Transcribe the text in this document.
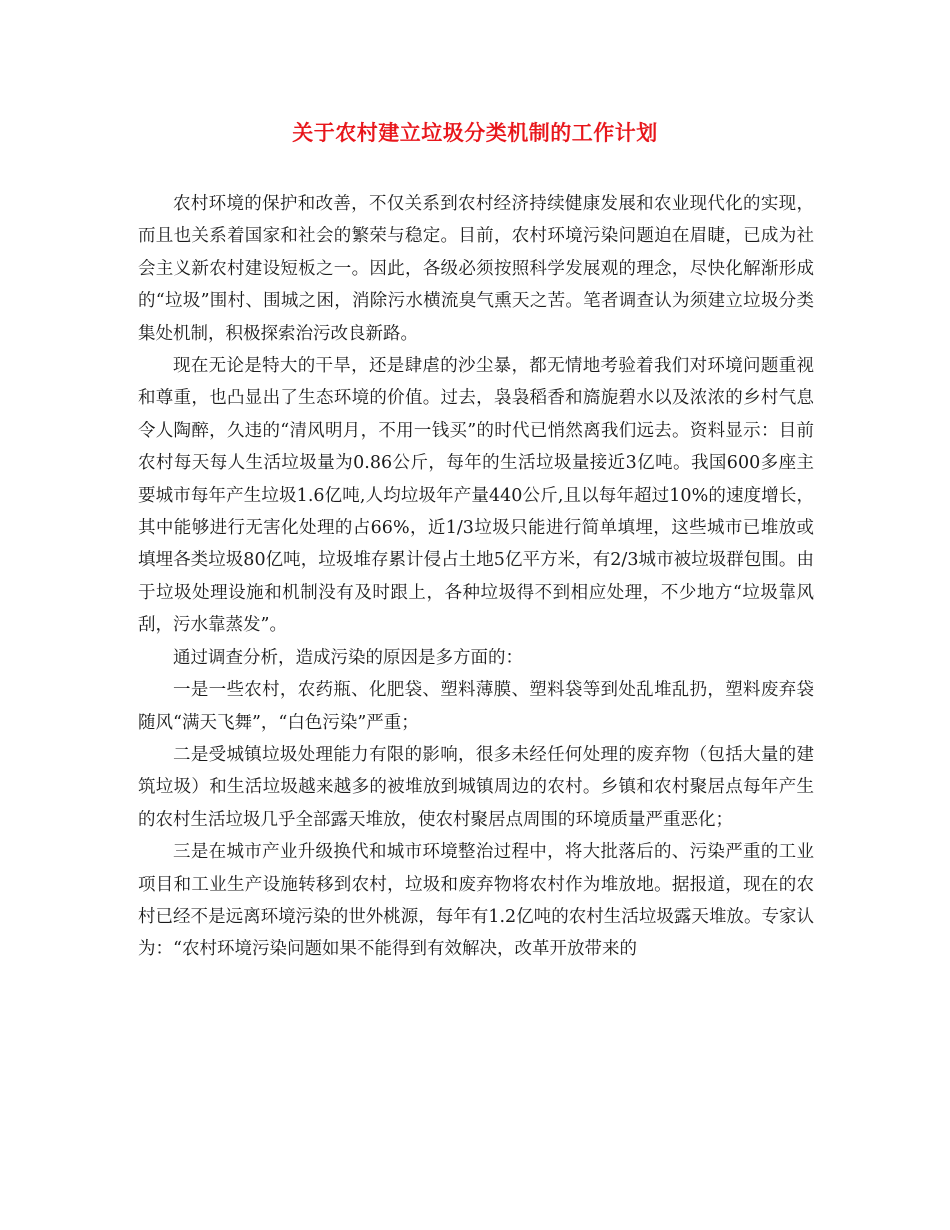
关于农村建立垃圾分类机制的工作计划

农村环境的保护和改善，不仅关系到农村经济持续健康发展和农业现代化的实现，而且也关系着国家和社会的繁荣与稳定。目前，农村环境污染问题迫在眉睫，已成为社会主义新农村建设短板之一。因此，各级必须按照科学发展观的理念，尽快化解渐形成的“垃圾”围村、围城之困，消除污水横流臭气熏天之苦。笔者调查认为须建立垃圾分类集处机制，积极探索治污改良新路。

现在无论是特大的干旱，还是肆虐的沙尘暴，都无情地考验着我们对环境问题重视和尊重，也凸显出了生态环境的价值。过去，袅袅稻香和旖旎碧水以及浓浓的乡村气息令人陶醉，久违的“清风明月，不用一钱买”的时代已悄然离我们远去。资料显示：目前农村每天每人生活垃圾量为0.86公斤，每年的生活垃圾量接近3亿吨。我国600多座主要城市每年产生垃圾1.6亿吨,人均垃圾年产量440公斤,且以每年超过10%的速度增长，其中能够进行无害化处理的占66%，近1/3垃圾只能进行简单填埋，这些城市已堆放或填埋各类垃圾80亿吨，垃圾堆存累计侵占土地5亿平方米，有2/3城市被垃圾群包围。由于垃圾处理设施和机制没有及时跟上，各种垃圾得不到相应处理，不少地方“垃圾靠风刮，污水靠蒸发”。

通过调查分析，造成污染的原因是多方面的：

一是一些农村，农药瓶、化肥袋、塑料薄膜、塑料袋等到处乱堆乱扔，塑料废弃袋随风“满天飞舞”，“白色污染”严重；

二是受城镇垃圾处理能力有限的影响，很多未经任何处理的废弃物（包括大量的建筑垃圾）和生活垃圾越来越多的被堆放到城镇周边的农村。乡镇和农村聚居点每年产生的农村生活垃圾几乎全部露天堆放，使农村聚居点周围的环境质量严重恶化；

三是在城市产业升级换代和城市环境整治过程中，将大批落后的、污染严重的工业项目和工业生产设施转移到农村，垃圾和废弃物将农村作为堆放地。据报道，现在的农村已经不是远离环境污染的世外桃源，每年有1.2亿吨的农村生活垃圾露天堆放。专家认为：“农村环境污染问题如果不能得到有效解决，改革开放带来的
